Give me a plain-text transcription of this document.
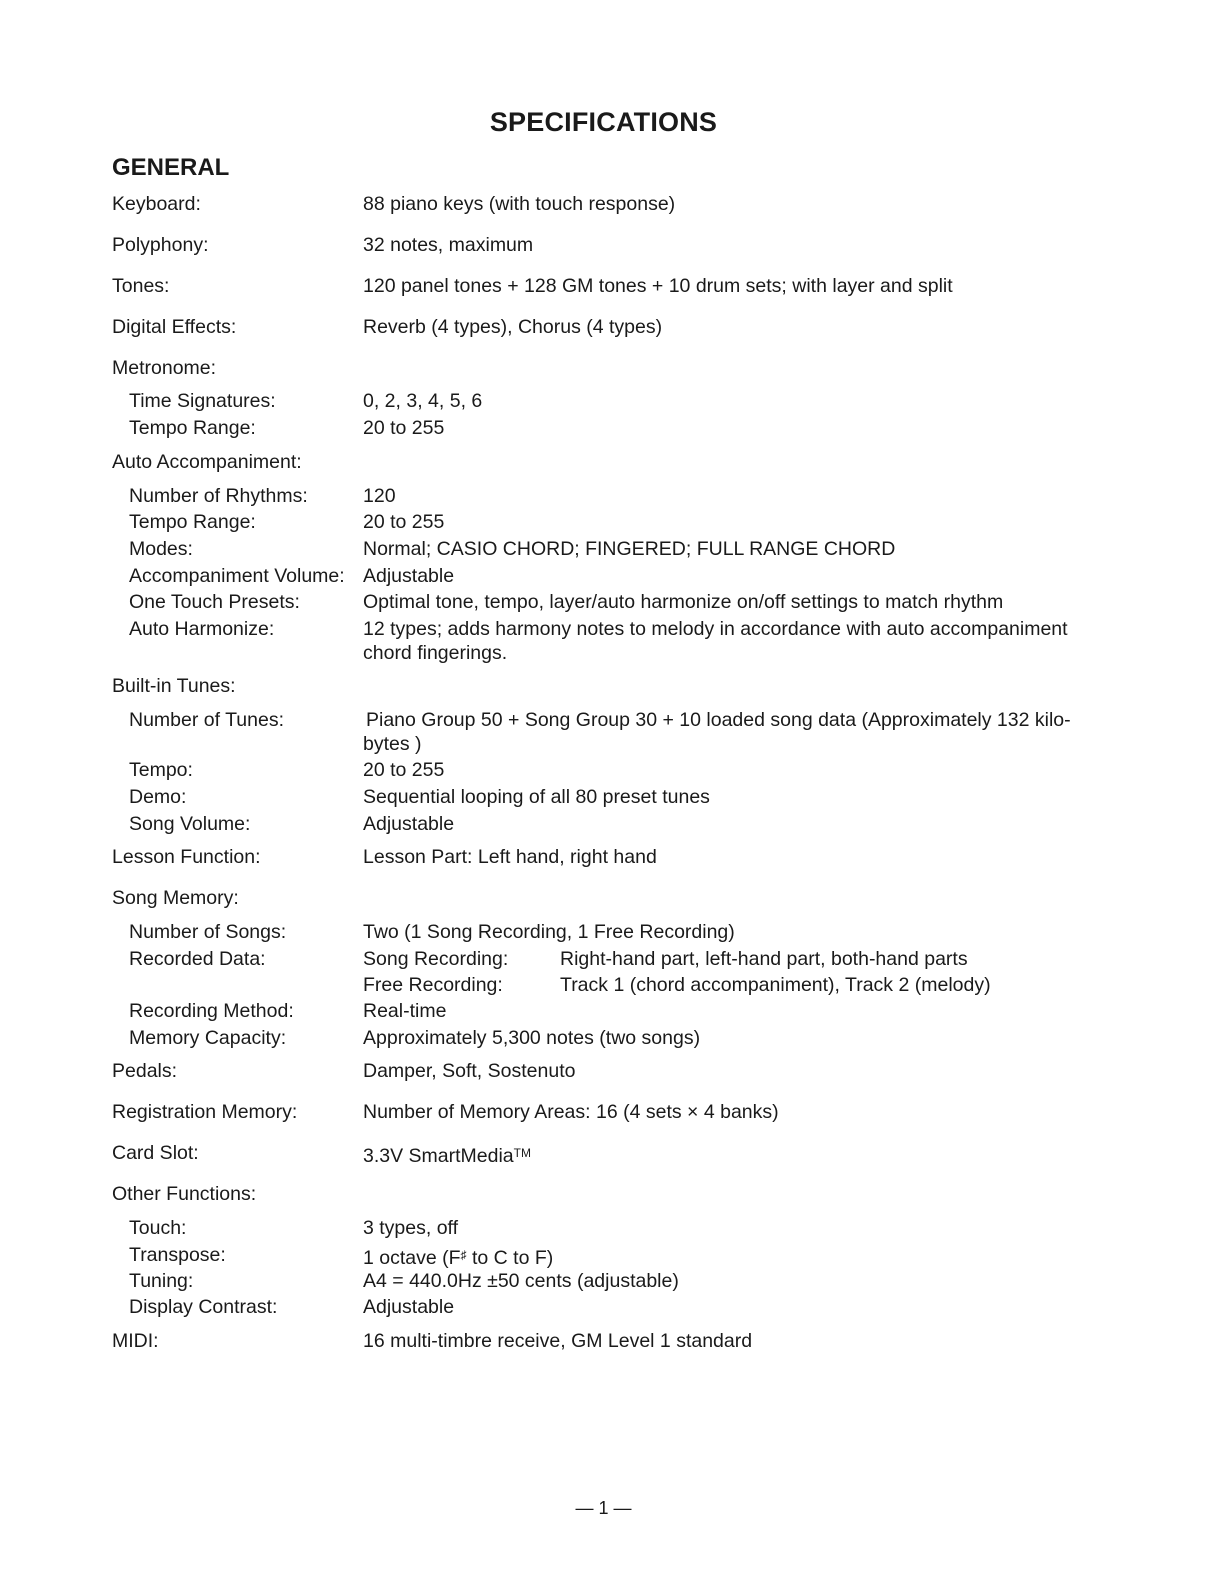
SPECIFICATIONS
GENERAL
Keyboard:	88 piano keys (with touch response)
Polyphony:	32 notes, maximum
Tones:	120 panel tones + 128 GM tones + 10 drum sets; with layer and split
Digital Effects:	Reverb (4 types), Chorus (4 types)
Metronome:
Time Signatures:	0, 2, 3, 4, 5, 6
Tempo Range:	20 to 255
Auto Accompaniment:
Number of Rhythms:	120
Tempo Range:	20 to 255
Modes:	Normal; CASIO CHORD; FINGERED; FULL RANGE CHORD
Accompaniment Volume: Adjustable
One Touch Presets:	Optimal tone, tempo, layer/auto harmonize on/off settings to match rhythm
Auto Harmonize:	12 types; adds harmony notes to melody in accordance with auto accompaniment
chord fingerings.
Built-in Tunes:
Number of Tunes:	Piano Group 50 + Song Group 30 + 10 loaded song data (Approximately 132 kilo-
bytes )
Tempo:	20 to 255
Demo:	Sequential looping of all 80 preset tunes
Song Volume:	Adjustable
Lesson Function:	Lesson Part: Left hand, right hand
Song Memory:
Number of Songs:	Two (1 Song Recording, 1 Free Recording)
Recorded Data:	Song Recording:	Right-hand part, left-hand part, both-hand parts
Free Recording:	Track 1 (chord accompaniment), Track 2 (melody)
Recording Method:	Real-time
Memory Capacity:	Approximately 5,300 notes (two songs)
Pedals:	Damper, Soft, Sostenuto
Registration Memory:	Number of Memory Areas: 16 (4 sets × 4 banks)
Card Slot:	3.3V SmartMedia™
Other Functions:
Touch:	3 types, off
Transpose:	1 octave (F♯ to C to F)
Tuning:	A4 = 440.0Hz ±50 cents (adjustable)
Display Contrast:	Adjustable
MIDI:	16 multi-timbre receive, GM Level 1 standard
— 1 —
